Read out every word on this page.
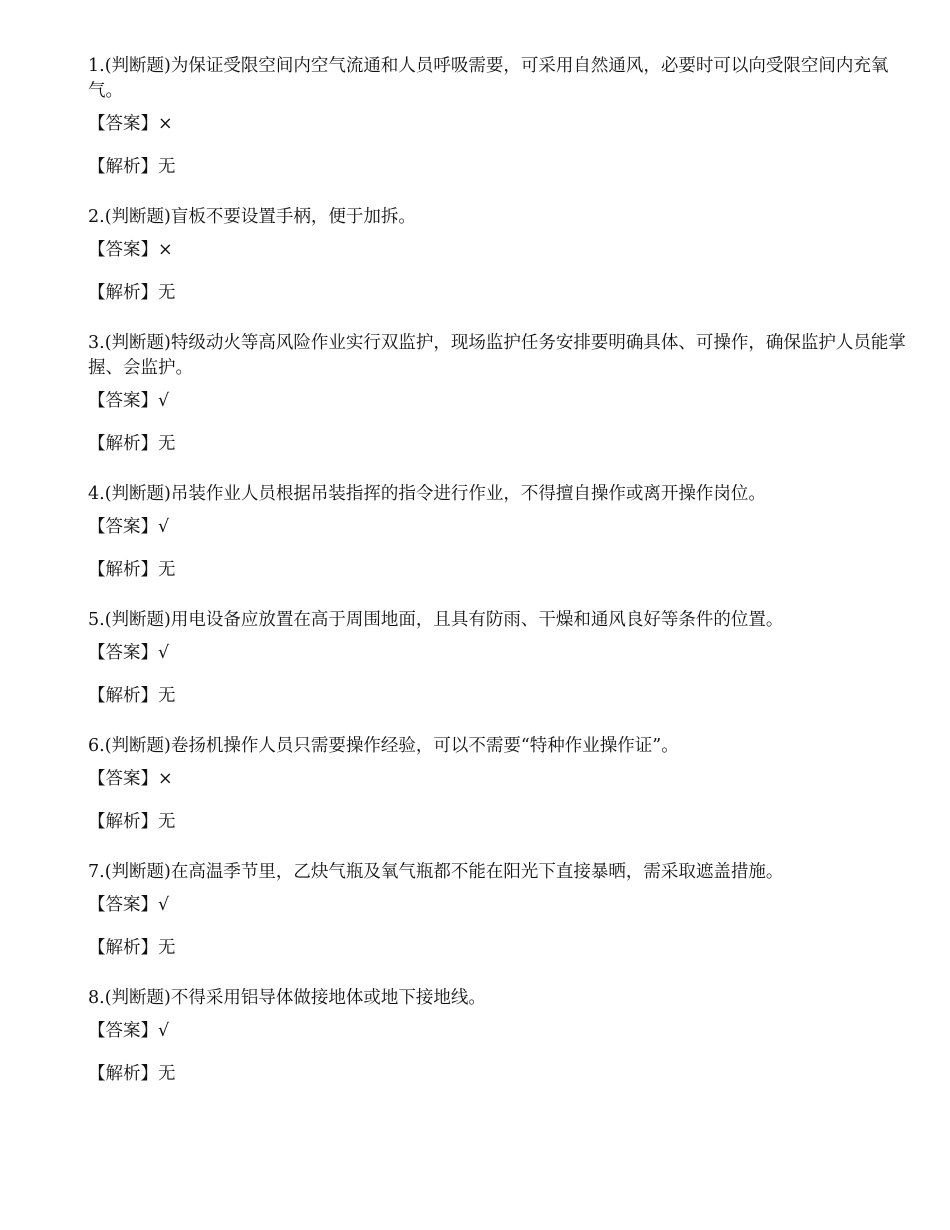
1.(判断题)为保证受限空间内空气流通和人员呼吸需要，可采用自然通风，必要时可以向受限空间内充氧气。

【答案】×

【解析】无

2.(判断题)盲板不要设置手柄，便于加拆。

【答案】×

【解析】无

3.(判断题)特级动火等高风险作业实行双监护，现场监护任务安排要明确具体、可操作，确保监护人员能掌握、会监护。

【答案】√

【解析】无

4.(判断题)吊装作业人员根据吊装指挥的指令进行作业，不得擅自操作或离开操作岗位。

【答案】√

【解析】无

5.(判断题)用电设备应放置在高于周围地面，且具有防雨、干燥和通风良好等条件的位置。

【答案】√

【解析】无

6.(判断题)卷扬机操作人员只需要操作经验，可以不需要“特种作业操作证”。

【答案】×

【解析】无

7.(判断题)在高温季节里，乙炔气瓶及氧气瓶都不能在阳光下直接暴晒，需采取遮盖措施。

【答案】√

【解析】无

8.(判断题)不得采用铝导体做接地体或地下接地线。

【答案】√

【解析】无
